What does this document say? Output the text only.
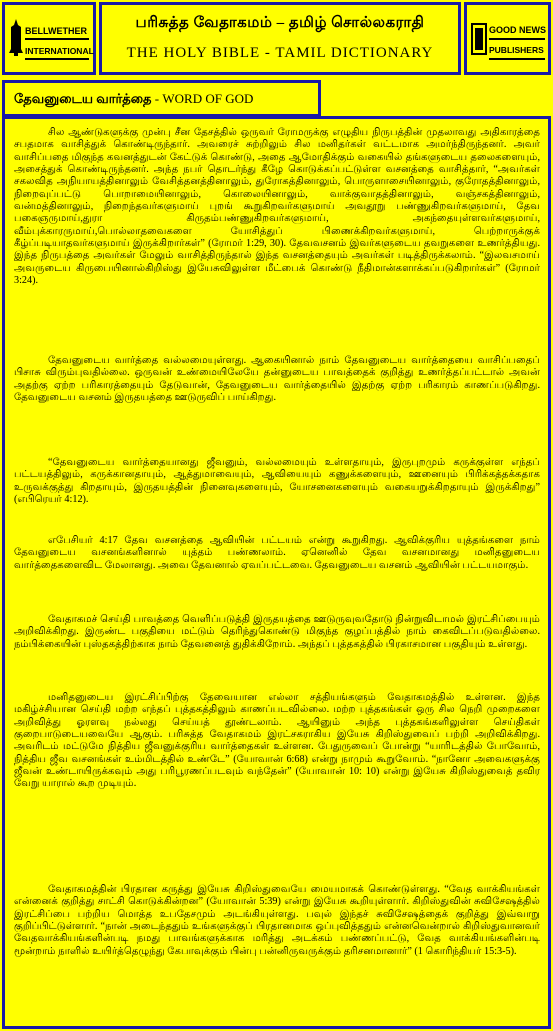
BELLWETHER
INTERNATIONAL
பரிசுத்த வேதாகமம் – தமிழ் சொல்லகராதி
THE HOLY BIBLE - TAMIL DICTIONARY
GOOD NEWS
PUBLISHERS
தேவனுடைய வார்த்தை - WORD OF GOD

சில ஆண்டுகளுக்கு முன்பு சீன தேசத்தில் ஒருவர் ரோமருக்கு எழுதிய நிருபத்தின் முதலாவது அதிகாரத்தை சபதமாக வாசித்துக் கொண்டிருந்தார். அவரைச் சுற்றிலும் சில மனிதர்கள் வட்டமாக அமர்ந்திருந்தனர். அவர் வாசிப்பதை மிகுந்த கவனத்துடன் கேட்டுக் கொண்டு, அதை ஆமோதிக்கும் வகையில் தங்களுடைய தலைகளையும், அசைத்துக் கொண்டிருந்தனர். அந்த நபர் தொடர்ந்து கீழே கொடுக்கப்பட்டுள்ள வசனத்தை வாசித்தார், “அவர்கள் சகலவித அநியாயத்தினாலும் வேசித்தனத்தினாலும், துரோகத்தினாலும், பொருளாசையினாலும், குரோதத்தினாலும், நிறைவுப்பட்டு பொறாமையினாலும், கொலையினாலும், வாக்குவாதத்தினாலும், வஞ்சகத்தினாலும், வன்மத்தினாலும், நிறைந்தவர்களுமாய் புறங் கூறுகிறவர்களுமாய் அவதூறு பண்ணுகிறவர்களுமாய், தேவ பகைஞருமாய்,துரா கிருதம்பண்ணுகிறவர்களுமாய், அகந்தையுள்ளவர்களுமாய், வீம்புக்காரருமாய்,பொல்லாதவைகளை யோசித்துப் பிணைக்கிறவர்களுமாய், பெற்றாருக்குக் கீழ்ப்படியாதவர்களுமாய் இருக்கிறார்கள்” (ரோமர் 1:29, 30). தேவவசனம் இவர்களுடைய தவறுகளை உணர்த்தியது. இந்த நிருபத்தை அவர்கள் மேலும் வாசித்திருந்தால் இந்த வசனத்தையும் அவர்கள் படித்திருக்கலாம். “இலவசமாய் அவருடைய கிருபையினால்கிறிஸ்து இயேசுவிலுள்ள மீட்பைக் கொண்டு நீதிமான்களாக்கப்படுகிறார்கள்” (ரோமர் 3:24).

தேவனுடைய வார்த்தை வல்லமையுள்ளது. ஆகையினால் நாம் தேவனுடைய வார்த்தையை வாசிப்பதைப் பிசாசு விரும்புவதில்லை. ஒருவன் உண்மையிலேயே தன்னுடைய பாவத்தைக் குறித்து உணர்த்தப்பட்டால் அவன் அதற்கு ஏற்ற பரிகாரத்தையும் தேடுவான், தேவனுடைய வார்த்தையில் இதற்கு ஏற்ற பரிகாரம் காணப்படுகிறது. தேவனுடைய வசனம் இருதயத்தை ஊடுருவிப் பாய்கிறது.

“தேவனுடைய வார்த்தையானது ஜீவனும், வல்லமையும் உள்ளதாயும், இருபுறமும் கருக்குள்ள எந்தப் பட்டயத்திலும், கருக்கானதாயும், ஆத்துமாவையும், ஆவியையும் கணுக்களையும், ஊனையும் பிரிக்கத்தக்கதாக உருவக்குத்து கிறதாயும், இருதயத்தின் நினைவுகளையும், யோசனைகளையும் வகையறுக்கிறதாயும் இருக்கிறது” (எபிரெயர் 4:12).

எபேசியர் 4:17 தேவ வசனத்தை ஆவியின் பட்டயம் என்று கூறுகிறது. ஆவிக்குரிய யுத்தங்களை நாம் தேவனுடைய வசனங்களினால் யுத்தம் பண்ணலாம். ஏனெனில் தேவ வசனமானது மனிதனுடைய வார்த்தைகளைவிட மேலானது. அவை தேவனால் ஏவப்பட்டவை. தேவனுடைய வசனம் ஆவியின் பட்டயமாகும்.

வேதாகமச் செய்தி பாவத்தை வெளிப்படுத்தி இருதயத்தை ஊடுருவுவதோடு நின்றுவிடாமல் இரட்சிப்பையும் அறிவிக்கிறது. இருண்ட பகுதியை மட்டும் தெரிந்துகொண்டு மிகுந்த குழப்பத்தில் நாம் கைவிடப்படுவதில்லை. நம்பிக்கையின் புஸ்தகத்திற்காக நாம் தேவனைத் துதிக்கிறோம். அந்தப் புத்தகத்தில் பிரகாசமான பகுதியும் உள்ளது.

மனிதனுடைய இரட்சிப்பிற்கு தேவையான எல்லா சத்தியங்களும் வேதாகமத்தில் உள்ளன. இந்த மகிழ்ச்சியான செய்தி மற்ற எந்தப் புத்தகத்திலும் காணப்படவில்லை. மற்ற புத்தகங்கள் ஒரு சில நெறி முறைகளை அறிவித்து ஓரளவு நல்லது செய்யத் தூண்டலாம். ஆயினும் அந்த புத்தகங்களிலுள்ள செய்திகள் குறைபாடுடையவையே ஆகும். பரிசுத்த வேதாகமம் இரட்சகராகிய இயேசு கிறிஸ்துவைப் பற்றி அறிவிக்கிறது. அவரிடம் மட்டுமே நித்திய ஜீவனுக்குரிய வார்த்தைகள் உள்ளன. பேதுருவைப் போன்று “யாரிடத்தில் போவோம், நித்திய ஜீவ வசனங்கள் உம்மிடத்தில் உண்டே” (யோவான் 6:68) என்று நாமும் கூறுவோம். “நானோ அவைகளுக்கு ஜீவன் உண்டாயிருக்கவும் அது பரிபூரணப்படவும் வந்தேன்” (யோவான் 10: 10) என்று இயேசு கிறிஸ்துவைத் தவிர வேறு யாரால் கூற முடியும்.

வேதாகமத்தின் பிரதான கருத்து இயேசு கிறிஸ்துவையே மையமாகக் கொண்டுள்ளது. “வேத வாக்கியங்கள் என்னைக் குறித்து சாட்சி கொடுக்கின்றன” (யோவான் 5:39) என்று இயேசு கூறியுள்ளார். கிறிஸ்துவின் சுவிசேஷத்தில் இரட்சிப்பை பற்றிய மொத்த உபதேசமும் அடங்கியுள்ளது. பவுல் இந்தச் சுவிசேஷத்தைக் குறித்து இவ்வாறு குறிப்பிட்டுள்ளார். “நான் அடைந்ததும் உங்களுக்குப் பிரதானமாக ஒப்புவித்ததும் என்னவென்றால் கிறிஸ்துவானவர் வேதவாக்கியங்களின்படி நமது பாவங்களுக்காக மரித்து அடக்கம் பண்ணப்பட்டு, வேத வாக்கியங்களின்படி மூன்றாம் நாளில் உயிர்த்தெழுந்து கேபாவுக்கும் பின்பு பன்னிருவருக்கும் தரிசனமானார்” (1 கொரிந்தியர் 15:3-5).
